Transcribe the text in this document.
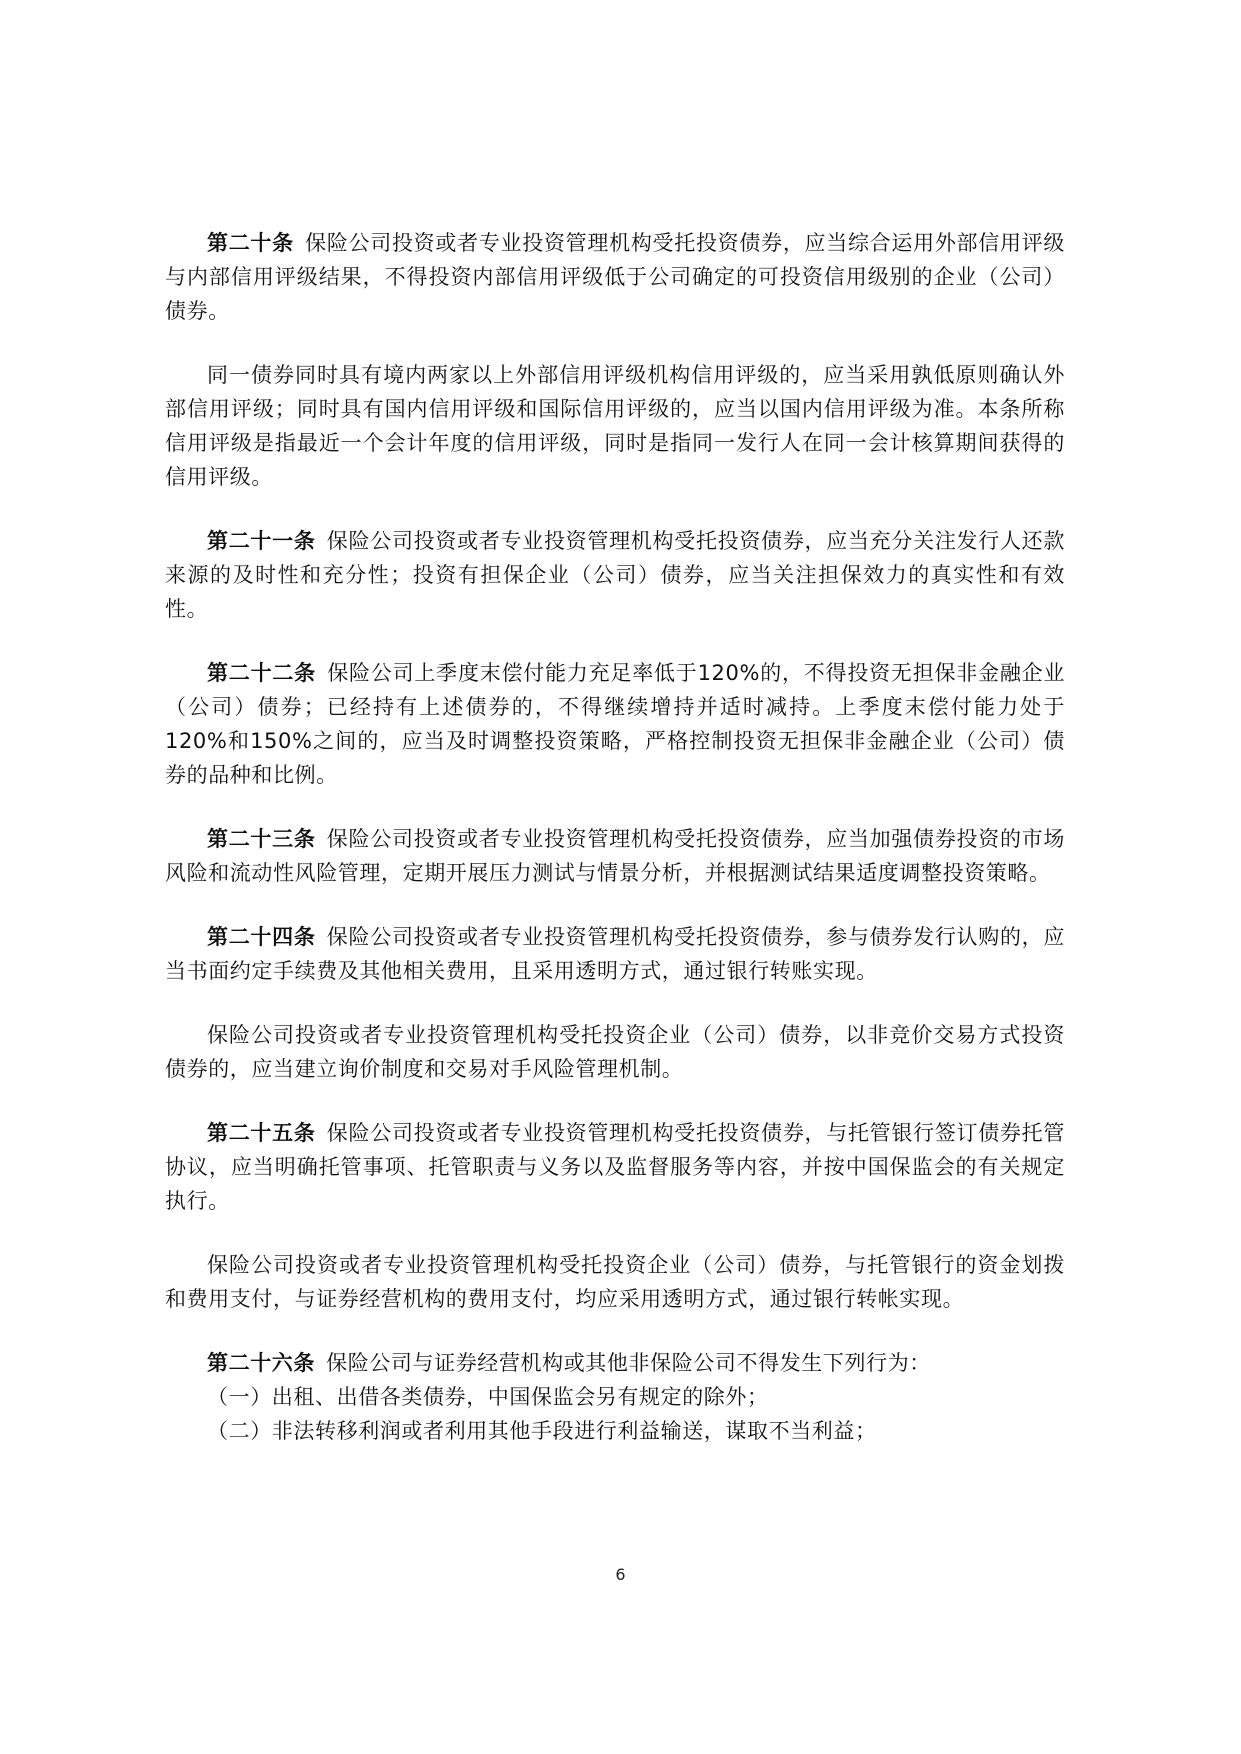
第二十条  保险公司投资或者专业投资管理机构受托投资债券，应当综合运用外部信用评级与内部信用评级结果，不得投资内部信用评级低于公司确定的可投资信用级别的企业（公司）债券。

同一债券同时具有境内两家以上外部信用评级机构信用评级的，应当采用孰低原则确认外部信用评级；同时具有国内信用评级和国际信用评级的，应当以国内信用评级为准。本条所称信用评级是指最近一个会计年度的信用评级，同时是指同一发行人在同一会计核算期间获得的信用评级。

第二十一条  保险公司投资或者专业投资管理机构受托投资债券，应当充分关注发行人还款来源的及时性和充分性；投资有担保企业（公司）债券，应当关注担保效力的真实性和有效性。

第二十二条  保险公司上季度末偿付能力充足率低于120%的，不得投资无担保非金融企业（公司）债券；已经持有上述债券的，不得继续增持并适时减持。上季度末偿付能力处于120%和150%之间的，应当及时调整投资策略，严格控制投资无担保非金融企业（公司）债券的品种和比例。

第二十三条  保险公司投资或者专业投资管理机构受托投资债券，应当加强债券投资的市场风险和流动性风险管理，定期开展压力测试与情景分析，并根据测试结果适度调整投资策略。

第二十四条  保险公司投资或者专业投资管理机构受托投资债券，参与债券发行认购的，应当书面约定手续费及其他相关费用，且采用透明方式，通过银行转账实现。

保险公司投资或者专业投资管理机构受托投资企业（公司）债券，以非竞价交易方式投资债券的，应当建立询价制度和交易对手风险管理机制。

第二十五条  保险公司投资或者专业投资管理机构受托投资债券，与托管银行签订债券托管协议，应当明确托管事项、托管职责与义务以及监督服务等内容，并按中国保监会的有关规定执行。

保险公司投资或者专业投资管理机构受托投资企业（公司）债券，与托管银行的资金划拨和费用支付，与证券经营机构的费用支付，均应采用透明方式，通过银行转帐实现。

第二十六条  保险公司与证券经营机构或其他非保险公司不得发生下列行为：

（一）出租、出借各类债券，中国保监会另有规定的除外；

（二）非法转移利润或者利用其他手段进行利益输送，谋取不当利益；

6
